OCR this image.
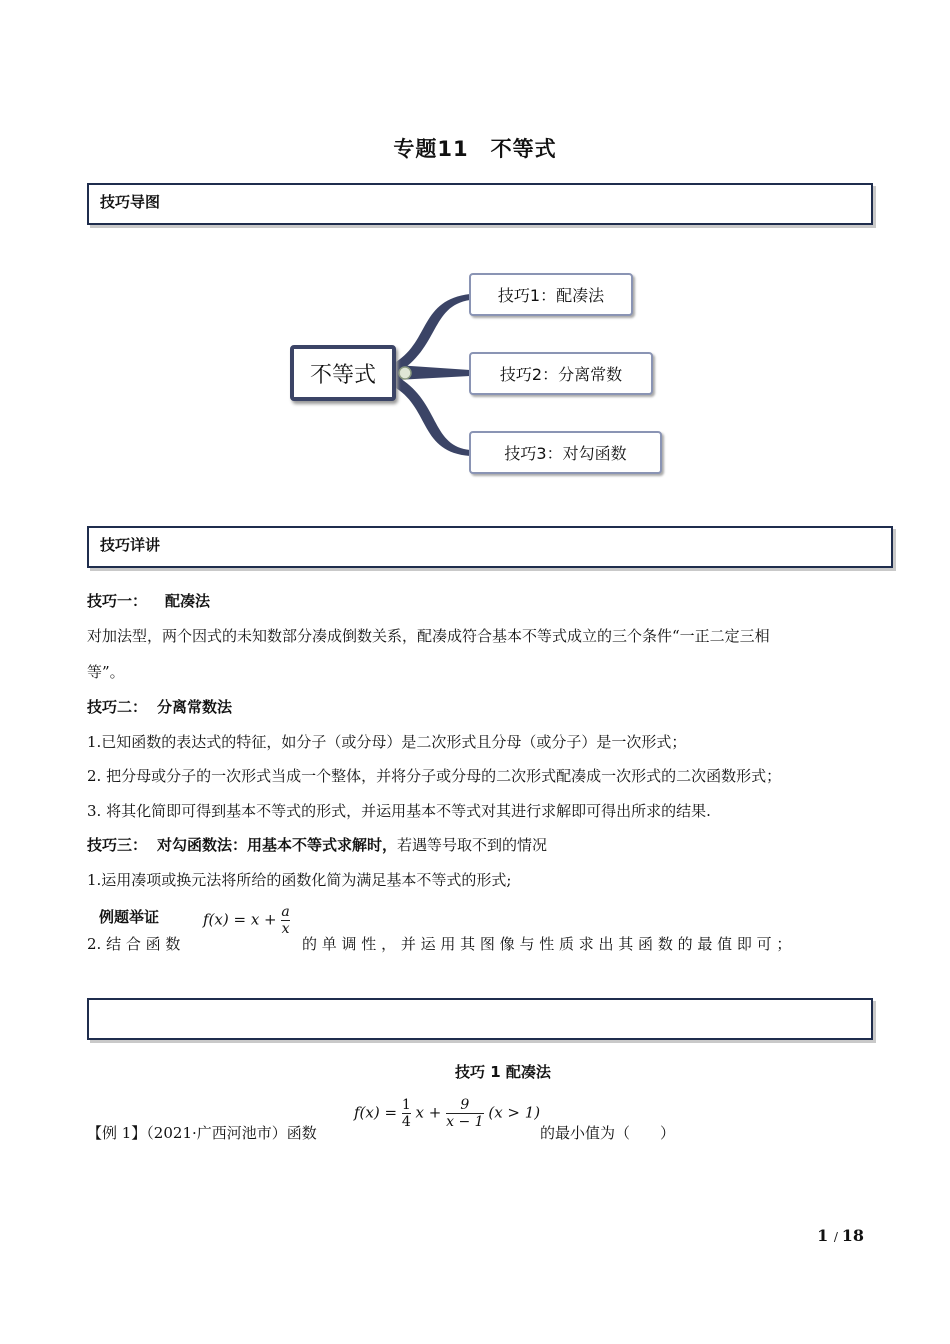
专题11　不等式
技巧导图
不等式
技巧1：配凑法
技巧2：分离常数
技巧3：对勾函数
技巧详讲
技巧一： 配凑法
对加法型，两个因式的未知数部分凑成倒数关系，配凑成符合基本不等式成立的三个条件“一正二定三相
等”。
技巧二： 分离常数法
1.已知函数的表达式的特征，如分子（或分母）是二次形式且分母（或分子）是一次形式；
2. 把分母或分子的一次形式当成一个整体，并将分子或分母的二次形式配凑成一次形式的二次函数形式；
3. 将其化简即可得到基本不等式的形式，并运用基本不等式对其进行求解即可得出所求的结果.
技巧三： 对勾函数法：用基本不等式求解时，若遇等号取不到的情况
1.运用凑项或换元法将所给的函数化简为满足基本不等式的形式;
例题举证
2. 结 合 函 数
$f(x) = x + \frac{a}{x}$
的 单 调 性 ， 并 运 用 其 图 像 与 性 质 求 出 其 函 数 的 最 值 即 可 ；
技巧 1 配凑法
【例 1】（2021·广西河池市）函数
$f(x) = \frac{1}{4}$ $x + \frac{9}{x - 1} (x > 1)$
的最小值为（　　）
1 / 18
